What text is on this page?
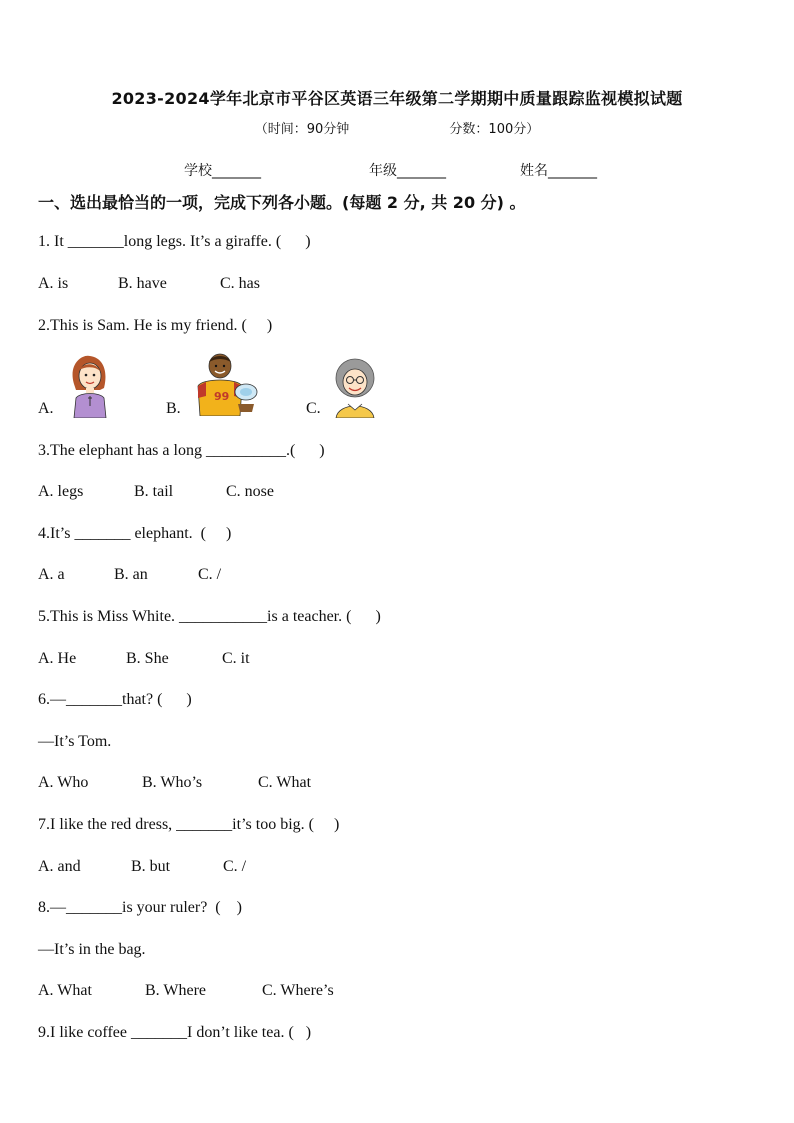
2023-2024学年北京市平谷区英语三年级第二学期期中质量跟踪监视模拟试题
（时间：90分钟	分数：100分）
学校_______	年级_______	姓名_______
一、选出最恰当的一项，完成下列各小题。(每题 2 分, 共 20 分) 。
1. It _______long legs. It’s a giraffe. (      )
A. is	B. have	C. has
2.This is Sam. He is my friend. (     )
A.	B.
99
C.
3.The elephant has a long __________.(      )
A. legs	B. tail	C. nose
4.It’s _______ elephant.  (     )
A. a	B. an	C. /
5.This is Miss White. ___________is a teacher. (      )
A. He	B. She	C. it
6.—_______that? (      )
—It’s Tom.
A. Who	B. Who’s	C. What
7.I like the red dress, _______it’s too big. (     )
A. and	B. but	C. /
8.—_______is your ruler?  (    )
—It’s in the bag.
A. What	B. Where	C. Where’s
9.I like coffee _______I don’t like tea. (   )
